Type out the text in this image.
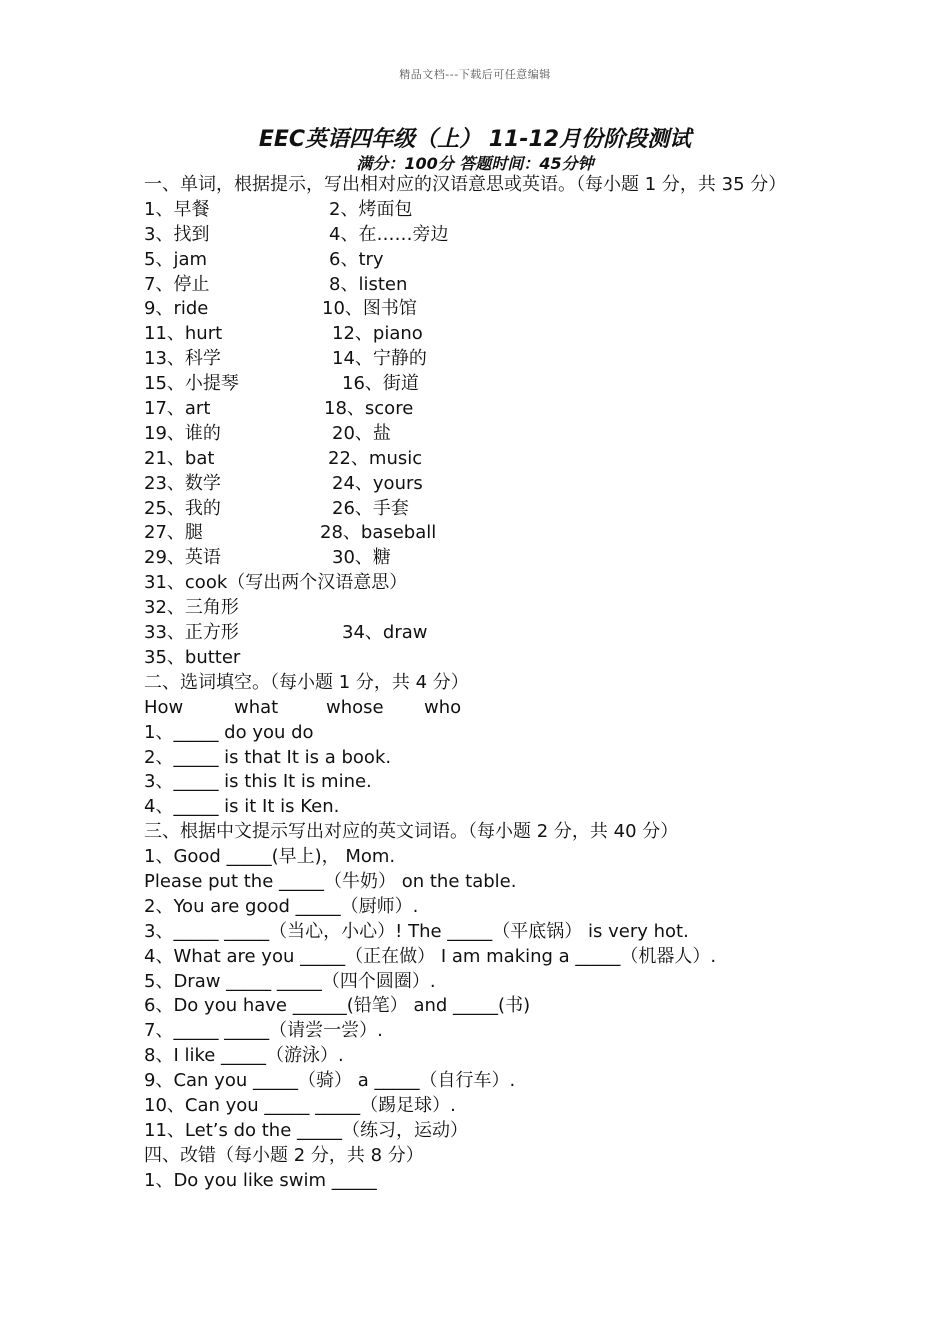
精品文档---下载后可任意编辑
EEC英语四年级（上） 11-12月份阶段测试
满分：100分 答题时间：45分钟
一、单词，根据提示，写出相对应的汉语意思或英语。（每小题 1 分，共 35 分）
1、早餐	2、烤面包
3、找到	4、在……旁边
5、jam	6、try
7、停止	8、listen
9、ride	10、图书馆
11、hurt	12、piano
13、科学	14、宁静的
15、小提琴	16、街道
17、art	18、score
19、谁的	20、盐
21、bat	22、music
23、数学	24、yours
25、我的	26、手套
27、腿	28、baseball
29、英语	30、糖
31、cook（写出两个汉语意思）
32、三角形
33、正方形	34、draw
35、butter
二、选词填空。（每小题 1 分，共 4 分）
How	what	whose who
1、_____ do you do
2、_____ is that It is a book.
3、_____ is this It is mine.
4、_____ is it It is Ken.
三、根据中文提示写出对应的英文词语。（每小题 2 分，共 40 分）
1、Good _____(早上)， Mom.
Please put the _____（牛奶） on the table.
2、You are good _____（厨师）.
3、_____ _____（当心，小心）! The _____（平底锅） is very hot.
4、What are you _____（正在做） I am making a _____（机器人）.
5、Draw _____ _____（四个圆圈）.
6、Do you have ______(铅笔） and _____(书)
7、_____ _____（请尝一尝）.
8、I like _____（游泳）.
9、Can you _____（骑） a _____（自行车）.
10、Can you _____ _____（踢足球）.
11、Let’s do the _____（练习，运动）
四、改错（每小题 2 分，共 8 分）
1、Do you like swim _____
